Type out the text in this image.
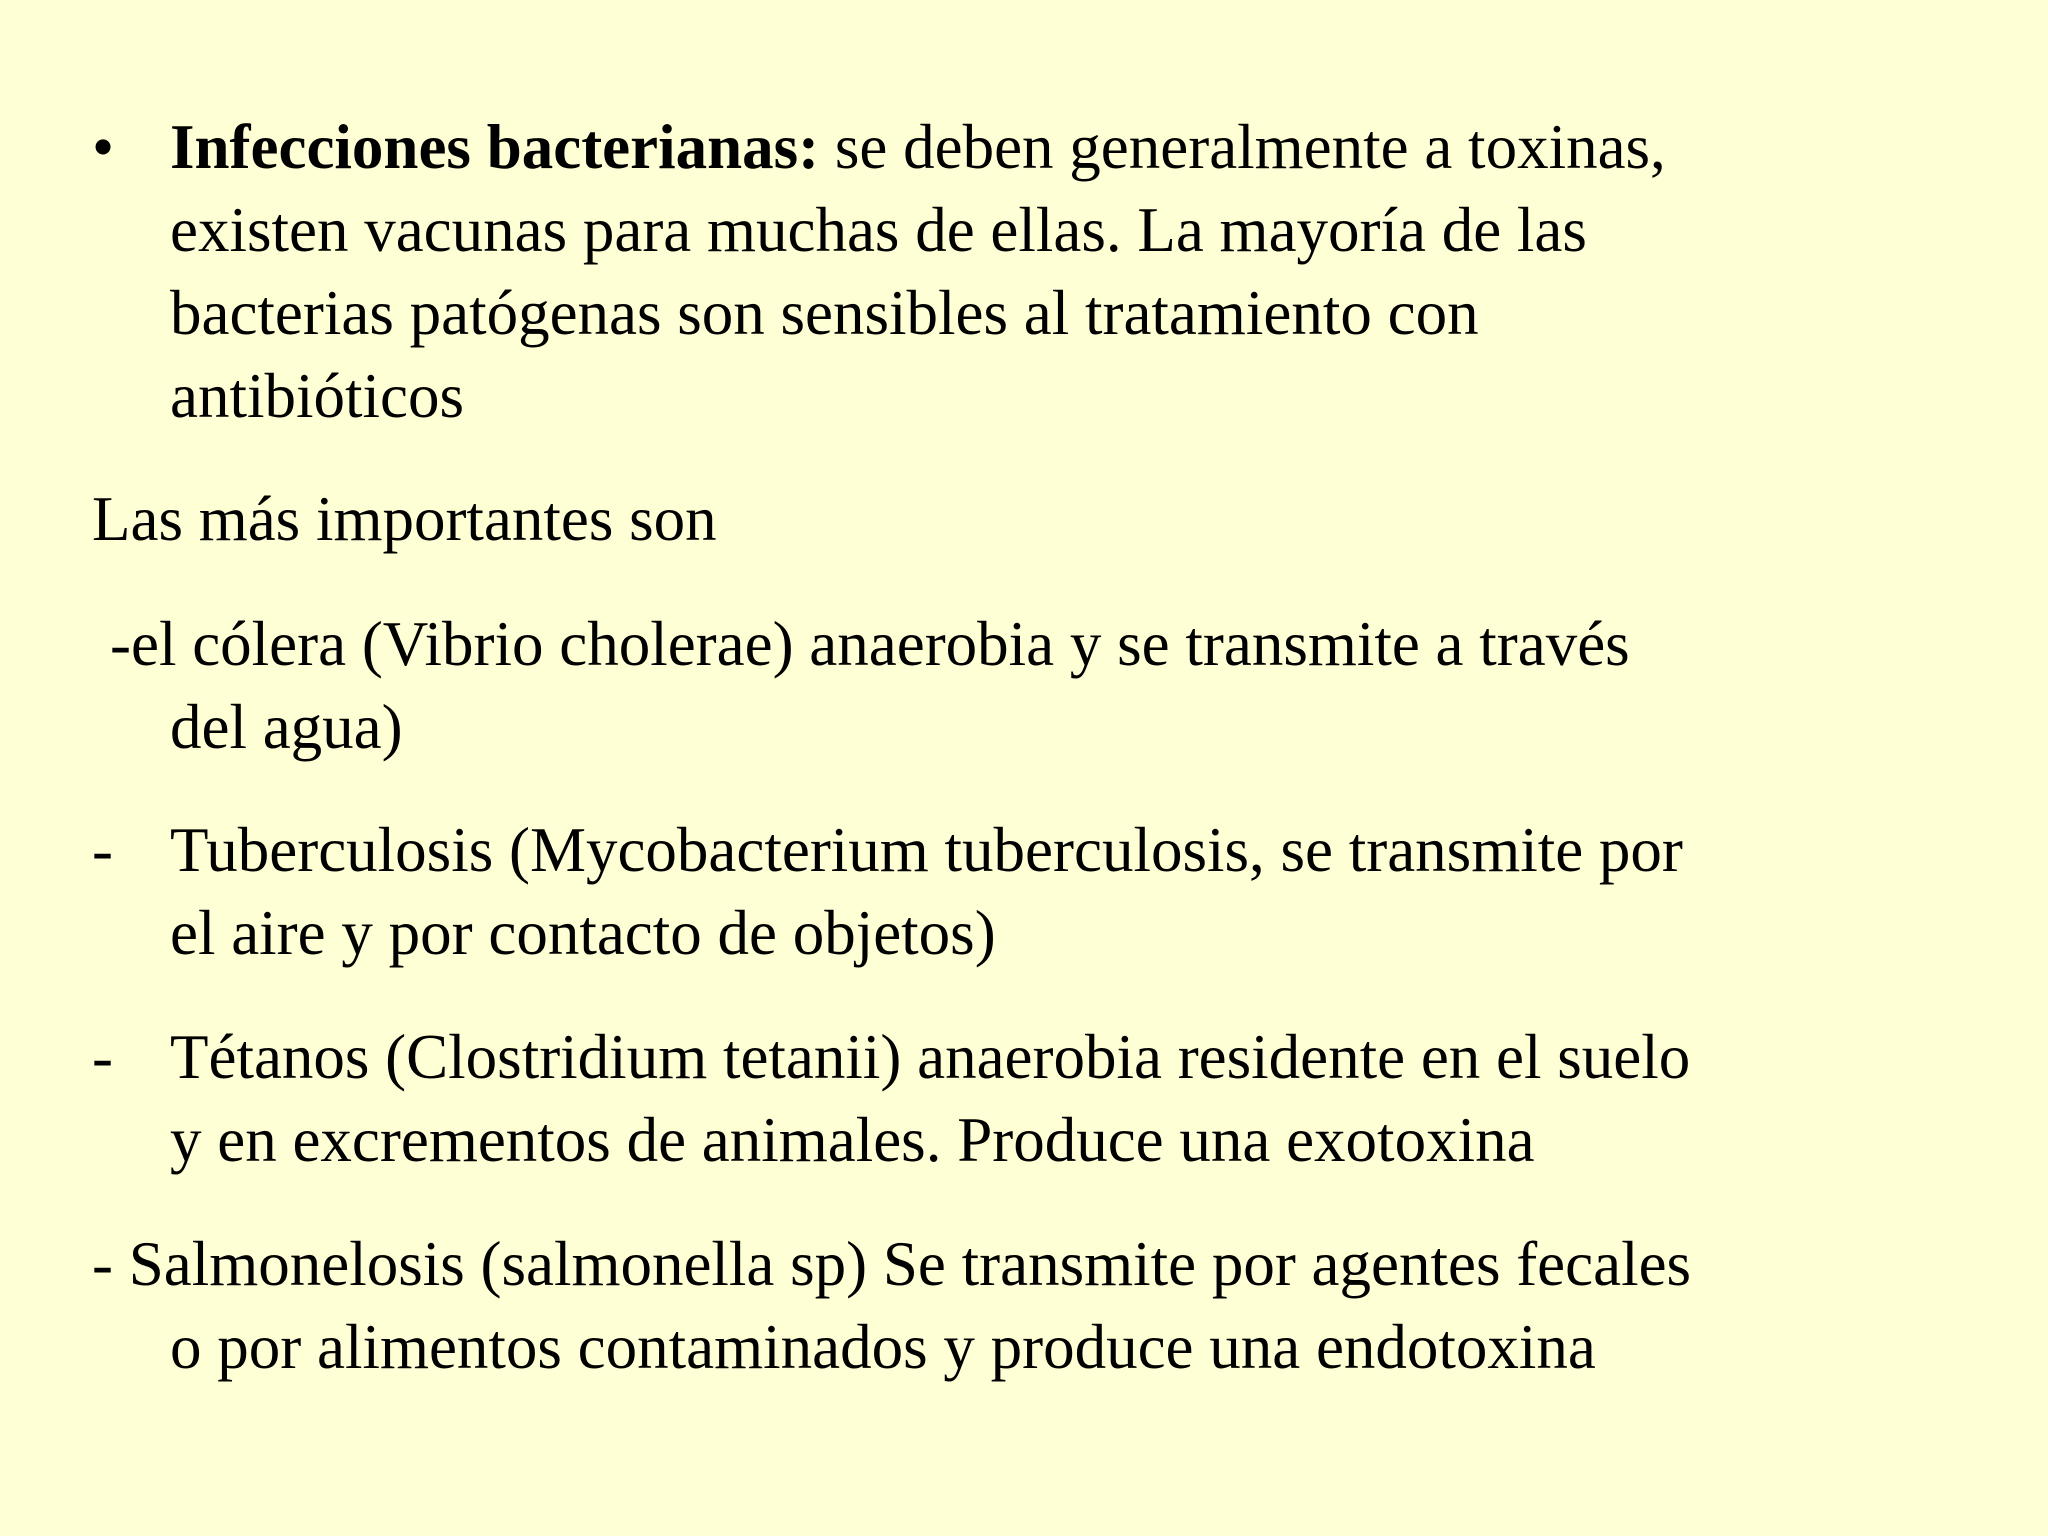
• Infecciones bacterianas: se deben generalmente a toxinas,
existen vacunas para muchas de ellas. La mayoría de las
bacterias patógenas son sensibles al tratamiento con
antibióticos
Las más importantes son
-el cólera (Vibrio cholerae) anaerobia y se transmite a través
del agua)
- Tuberculosis (Mycobacterium tuberculosis, se transmite por
el aire y por contacto de objetos)
- Tétanos (Clostridium tetanii) anaerobia residente en el suelo
y en excrementos de animales. Produce una exotoxina
- Salmonelosis (salmonella sp) Se transmite por agentes fecales
o por alimentos contaminados y produce una endotoxina
